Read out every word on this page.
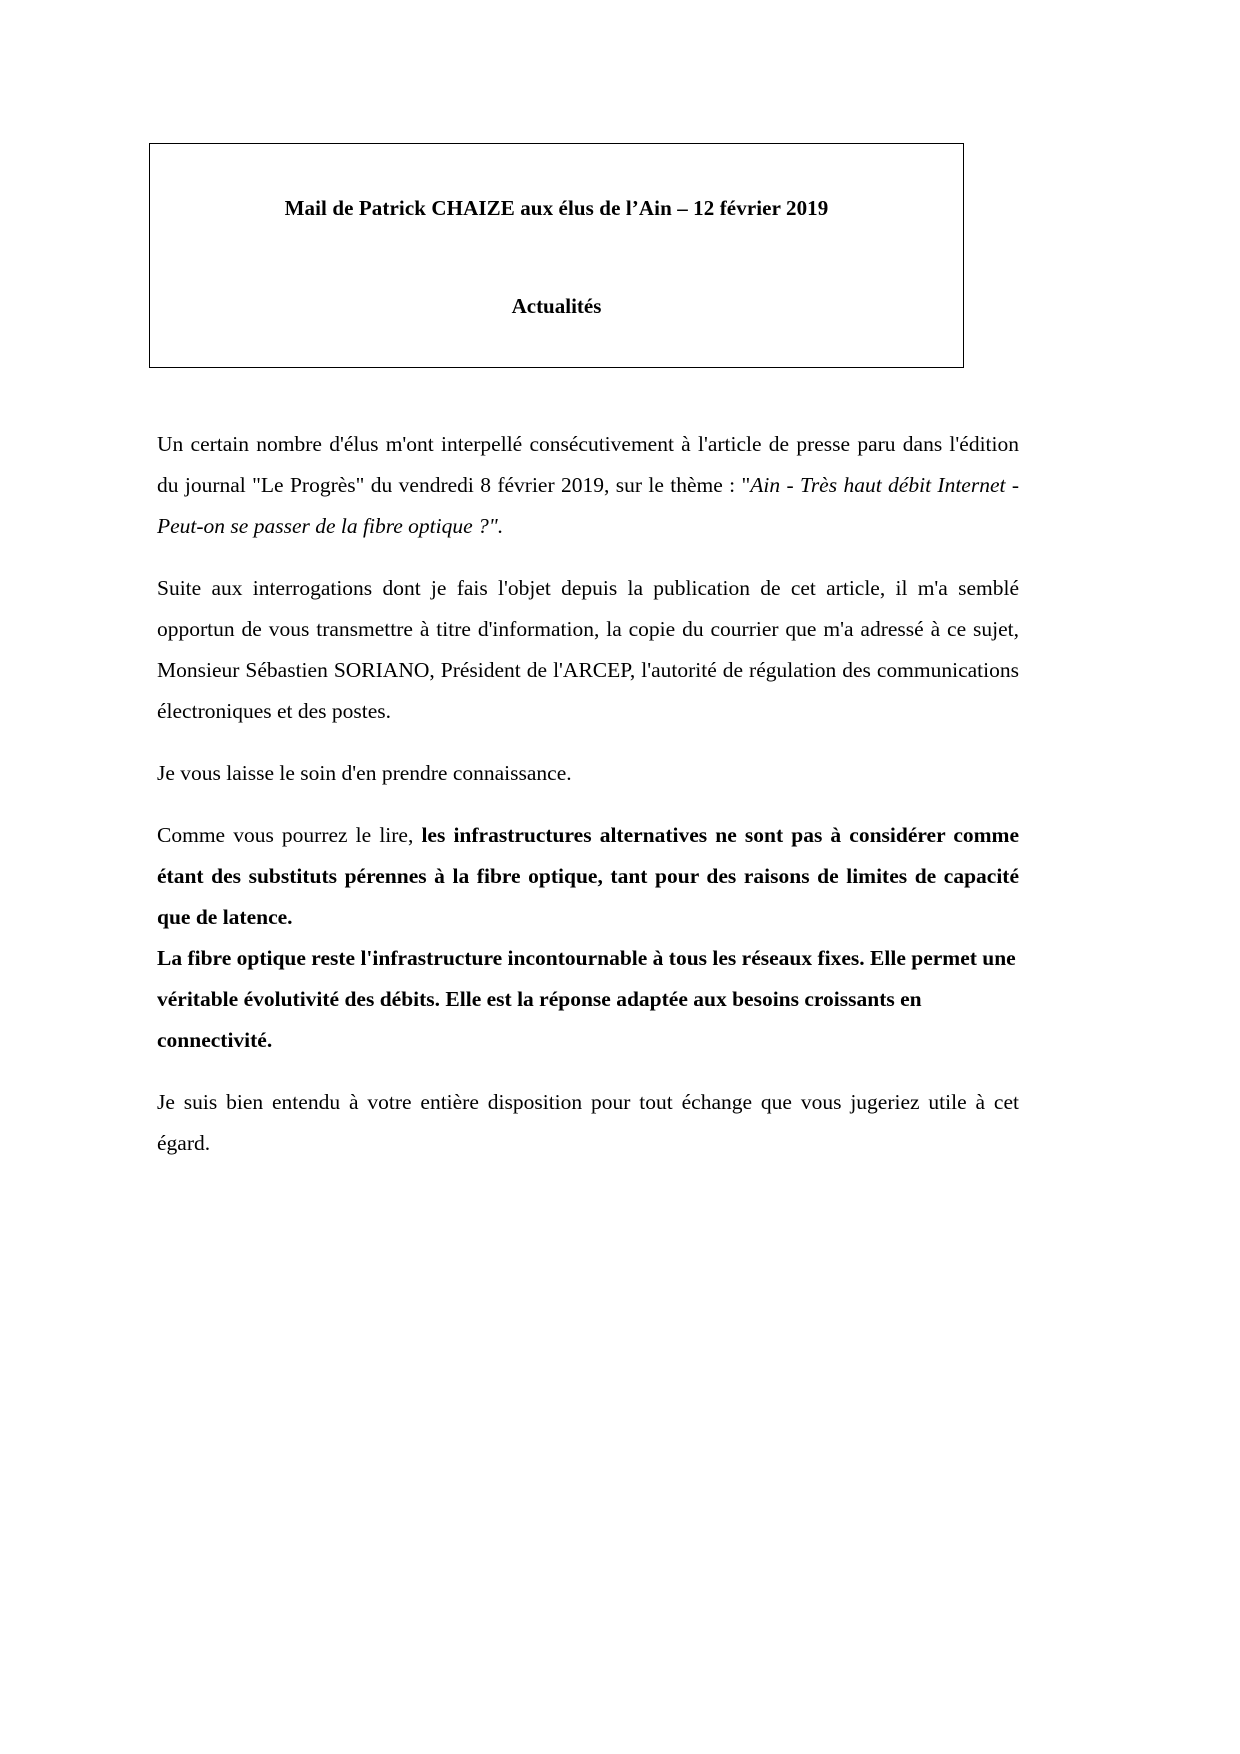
Mail de Patrick CHAIZE aux élus de l’Ain – 12 février 2019
Actualités

Un certain nombre d'élus m'ont interpellé consécutivement à l'article de presse paru dans l'édition du journal "Le Progrès" du vendredi 8 février 2019, sur le thème : "Ain - Très haut débit Internet - Peut-on se passer de la fibre optique ?".

Suite aux interrogations dont je fais l'objet depuis la publication de cet article, il m'a semblé opportun de vous transmettre à titre d'information, la copie du courrier que m'a adressé à ce sujet, Monsieur Sébastien SORIANO, Président de l'ARCEP, l'autorité de régulation des communications électroniques et des postes.

Je vous laisse le soin d'en prendre connaissance.

Comme vous pourrez le lire, les infrastructures alternatives ne sont pas à considérer comme étant des substituts pérennes à la fibre optique, tant pour des raisons de limites de capacité que de latence.

La fibre optique reste l'infrastructure incontournable à tous les réseaux fixes. Elle permet une véritable évolutivité des débits. Elle est la réponse adaptée aux besoins croissants en connectivité.

Je suis bien entendu à votre entière disposition pour tout échange que vous jugeriez utile à cet égard.
